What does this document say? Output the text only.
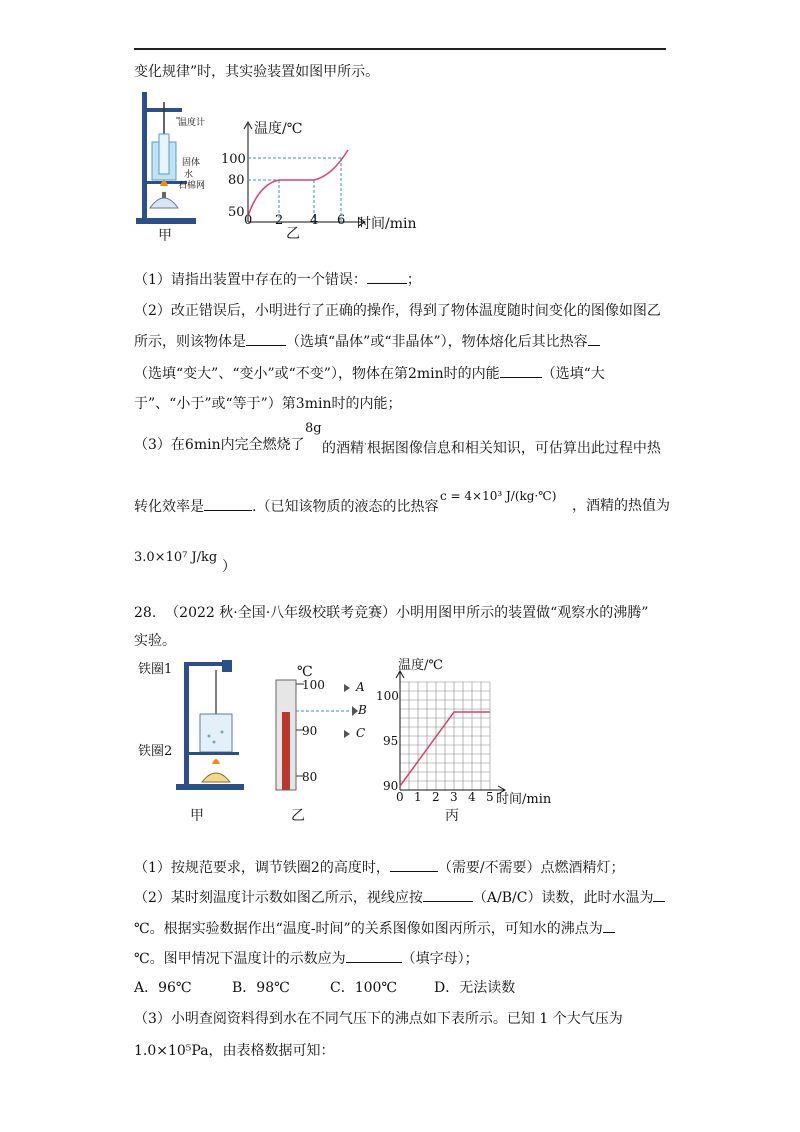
变化规律”时，其实验装置如图甲所示。
温度计
固体
水
石棉网
甲
温度/℃
100
80
50
0 2 4 6 时间/min
乙
（1）请指出装置中存在的一个错误：	；
（2）改正错误后，小明进行了正确的操作，得到了物体温度随时间变化的图像如图乙
所示，则该物体是	（选填“晶体”或“非晶体”），物体熔化后其比热容
（选填“变大”、“变小”或“不变”），物体在第2min时的内能	（选填“大
于”、“小于”或“等于”）第3min时的内能；
（3）在6min内完全燃烧了
8g
的酒精·根据图像信息和相关知识，可估算出此过程中热
转化效率是	.（已知该物质的液态的比热容
c = 4×10³ J/(kg·℃)
，酒精的热值为
3.0×10⁷ J/kg
）
28. （2022 秋·全国·八年级校联考竞赛）小明用图甲所示的装置做“观察水的沸腾”
实验。
铁圈1
铁圈2
甲
℃
100
90
80
A
B
C
乙
温度/℃
100
95
90
0 1 2 3 4 5 时间/min
丙
（1）按规范要求，调节铁圈2的高度时，	（需要/不需要）点燃酒精灯；
（2）某时刻温度计示数如图乙所示，视线应按	（A/B/C）读数，此时水温为
℃。根据实验数据作出“温度-时间”的关系图像如图丙所示，可知水的沸点为
℃。图甲情况下温度计的示数应为	（填字母）；
A．96℃	B．98℃	C．100℃	D．无法读数
（3）小明查阅资料得到水在不同气压下的沸点如下表所示。已知 1 个大气压为
1.0×10⁵Pa，由表格数据可知：
